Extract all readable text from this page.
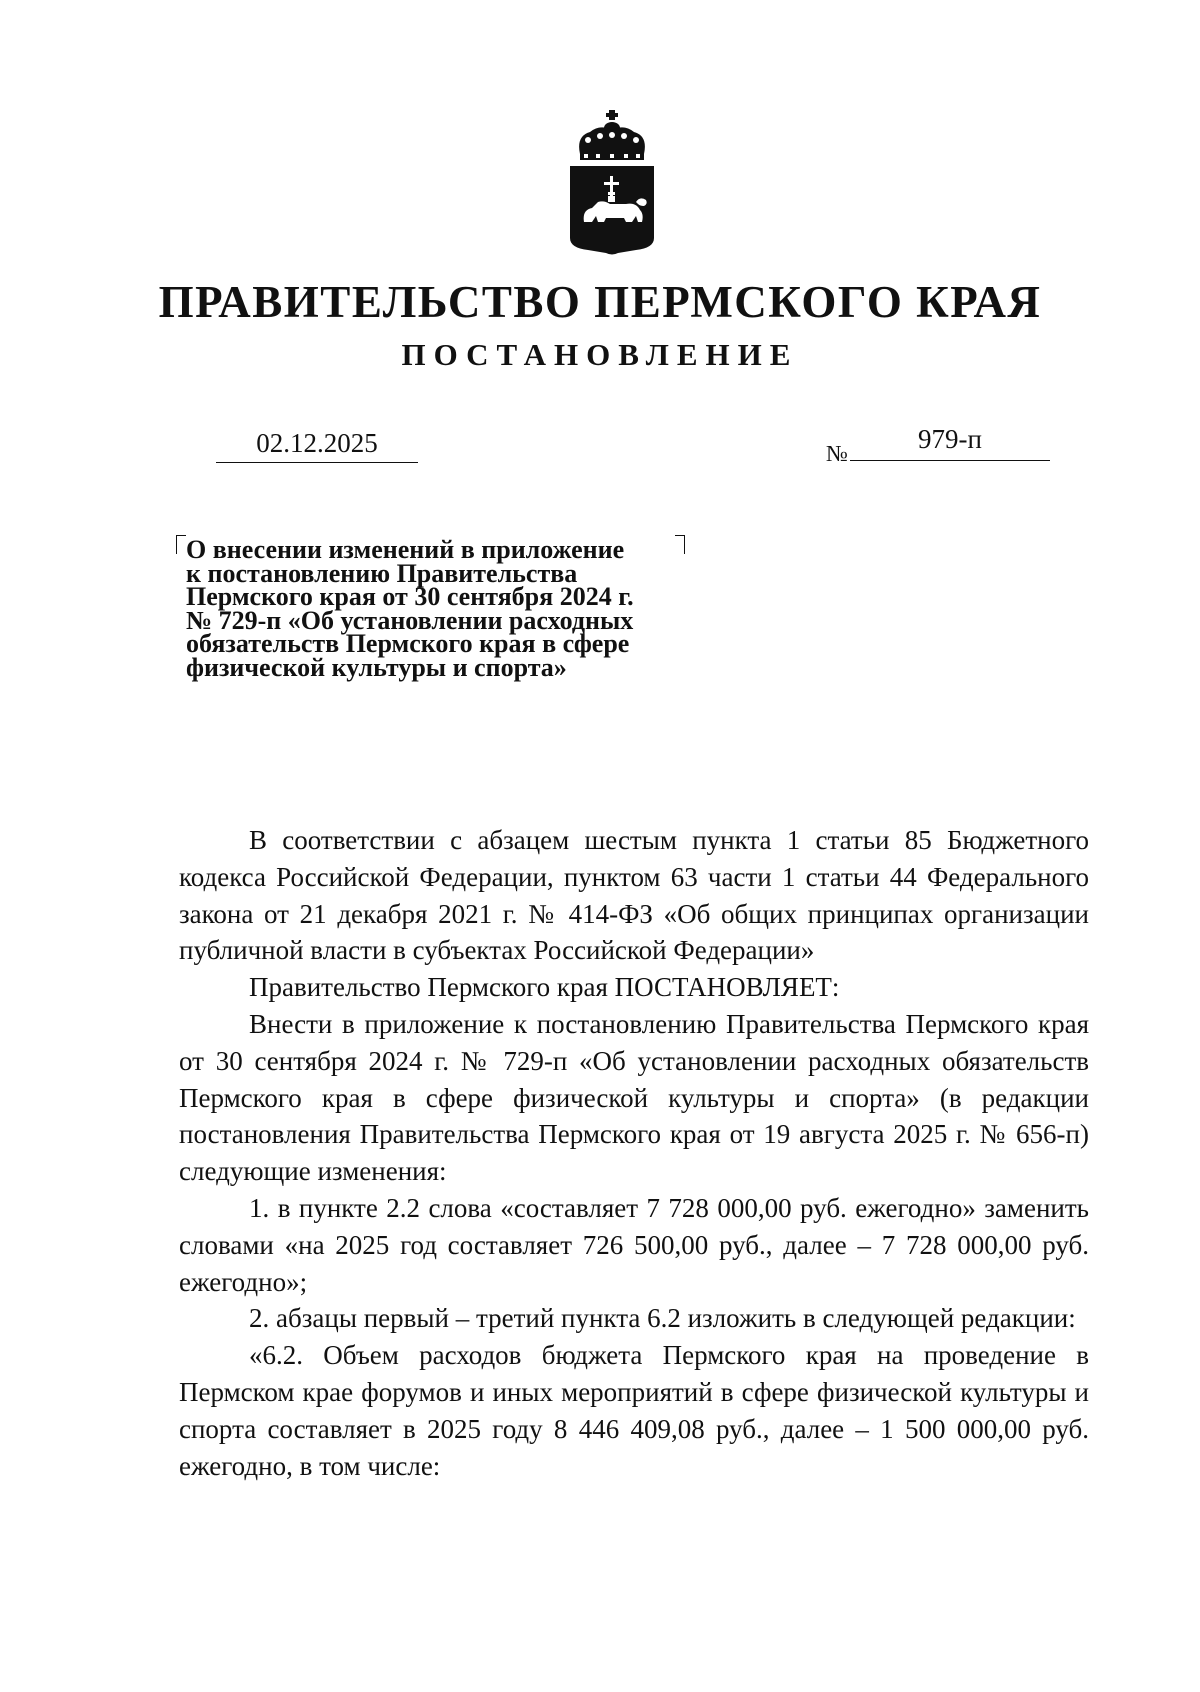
ПРАВИТЕЛЬСТВО ПЕРМСКОГО КРАЯ
ПОСТАНОВЛЕНИЕ
02.12.2025	№	979-п
О внесении изменений в приложение
к постановлению Правительства
Пермского края от 30 сентября 2024 г.
№ 729-п «Об установлении расходных
обязательств Пермского края в сфере
физической культуры и спорта»

В соответствии с абзацем шестым пункта 1 статьи 85 Бюджетного кодекса Российской Федерации, пунктом 63 части 1 статьи 44 Федерального закона от 21 декабря 2021 г. № 414-ФЗ «Об общих принципах организации публичной власти в субъектах Российской Федерации»

Правительство Пермского края ПОСТАНОВЛЯЕТ:

Внести в приложение к постановлению Правительства Пермского края от 30 сентября 2024 г. № 729-п «Об установлении расходных обязательств Пермского края в сфере физической культуры и спорта» (в редакции постановления Правительства Пермского края от 19 августа 2025 г. № 656-п) следующие изменения:

1. в пункте 2.2 слова «составляет 7 728 000,00 руб. ежегодно» заменить словами «на 2025 год составляет 726 500,00 руб., далее – 7 728 000,00 руб. ежегодно»;

2. абзацы первый – третий пункта 6.2 изложить в следующей редакции:

«6.2. Объем расходов бюджета Пермского края на проведение в Пермском крае форумов и иных мероприятий в сфере физической культуры и спорта составляет в 2025 году 8 446 409,08 руб., далее – 1 500 000,00 руб. ежегодно, в том числе:
